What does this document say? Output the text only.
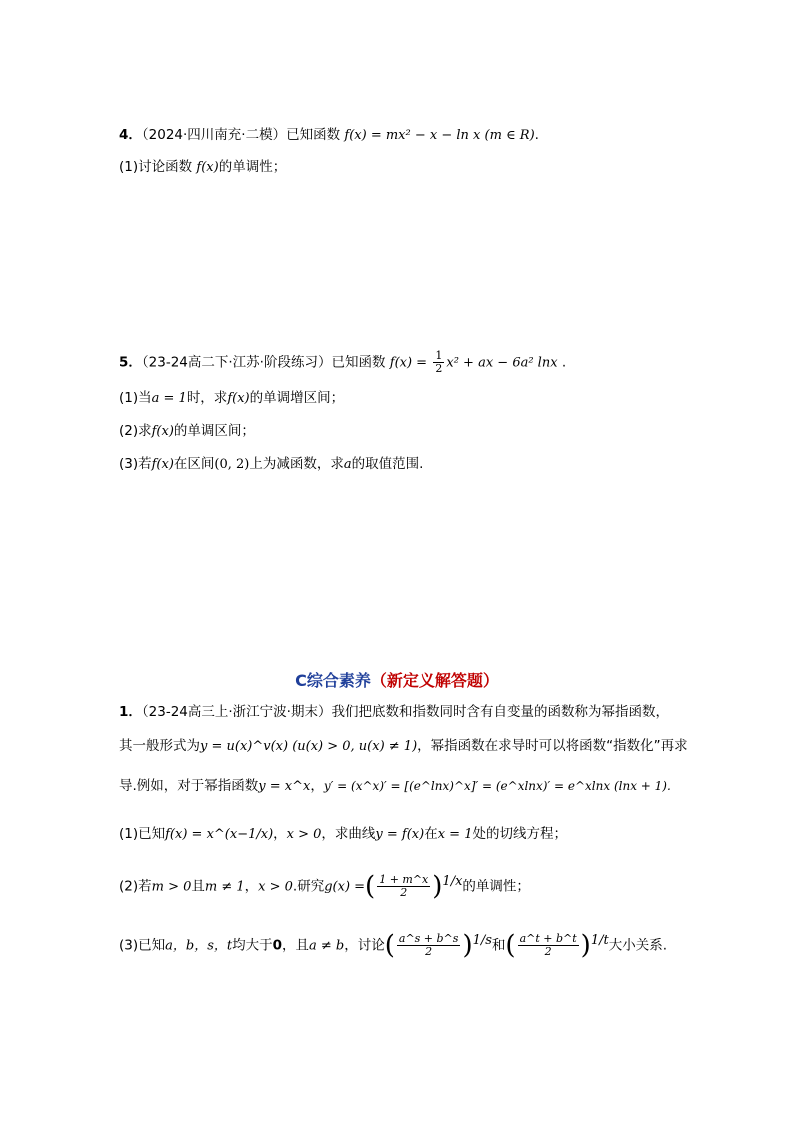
4．（2024·四川南充·二模）已知函数 f(x) = mx² − x − ln x (m ∈ R).
(1)讨论函数 f(x)的单调性；
5．（23-24高二下·江苏·阶段练习）已知函数 $f(x) = \frac{1}{2} x^2$ + ax − 6a² lnx .
(1)当a = 1时，求f(x)的单调增区间；
(2)求f(x)的单调区间；
(3)若f(x)在区间(0, 2)上为减函数，求a的取值范围.
C综合素养（新定义解答题）
1．（23-24高三上·浙江宁波·期末）我们把底数和指数同时含有自变量的函数称为幂指函数，
其一般形式为y = u(x)^v(x) (u(x) > 0, u(x) ≠ 1)，幂指函数在求导时可以将函数“指数化”再求
导.例如，对于幂指函数y = x^x，y′ = (x^x)′ = [(e^lnx)^x]′ = (e^xlnx)′ = e^xlnx (lnx + 1).
(1)已知f(x) = x^(x−1/x)，x > 0，求曲线y = f(x)在x = 1处的切线方程；
(2)若m > 0且m ≠ 1，x > 0.研究g(x) =( $\frac{1 + m\^{}x}{2} )^{1/x}$的单调性；
(3)已知a，b，s，t均大于0，且a ≠ b，讨论( $\frac{a\^{}s + b\^{}s}{2} )^{1/s}$和( $\frac{a\^{}t + b\^{}t}{2} )^{1/t}$大小关系.
